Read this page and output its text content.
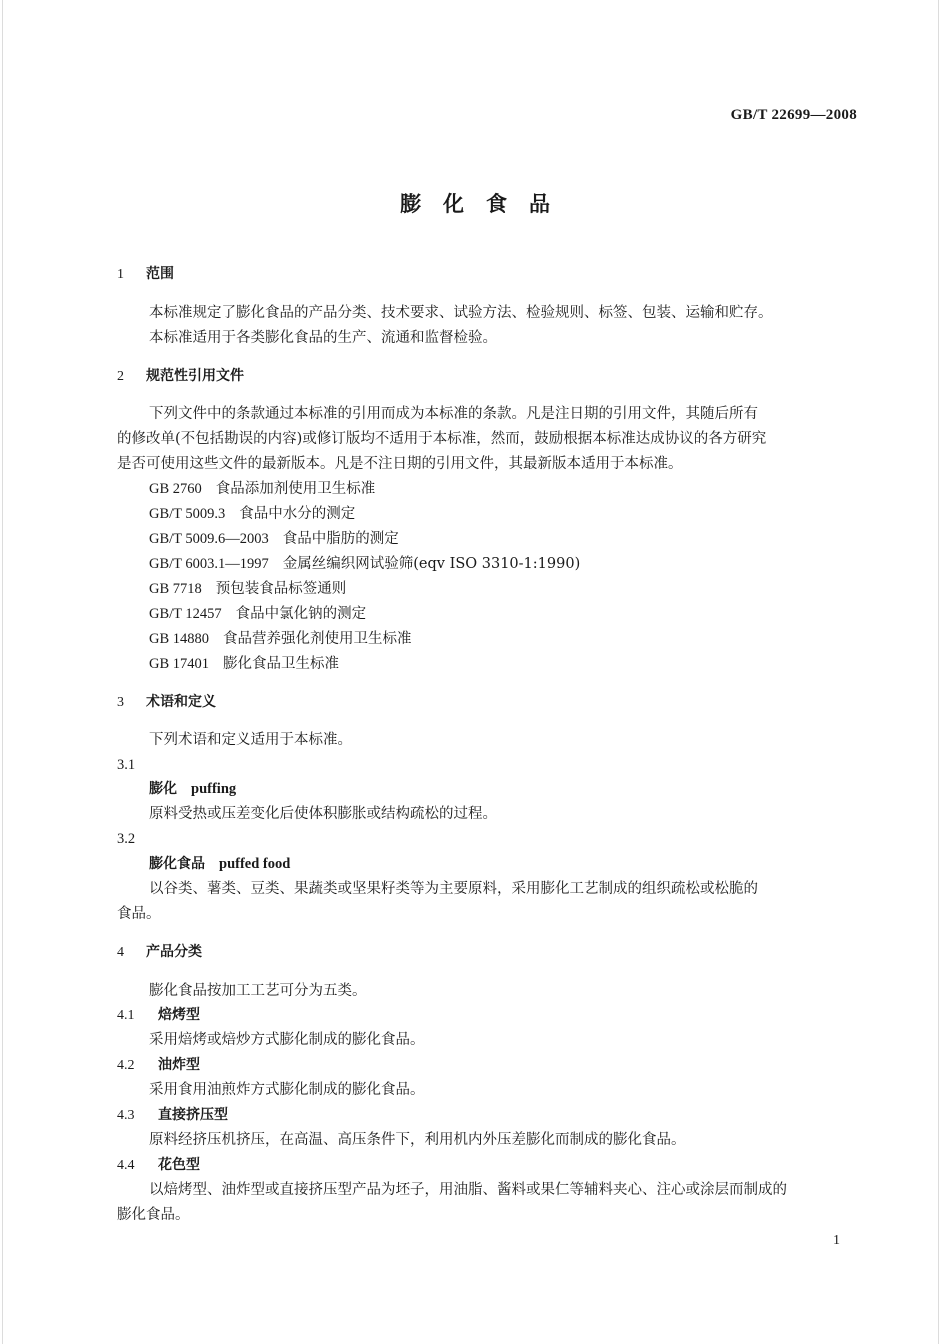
GB/T 22699—2008
膨化食品
1 范围
本标准规定了膨化食品的产品分类、技术要求、试验方法、检验规则、标签、包装、运输和贮存。
本标准适用于各类膨化食品的生产、流通和监督检验。
2 规范性引用文件
下列文件中的条款通过本标准的引用而成为本标准的条款。凡是注日期的引用文件，其随后所有
的修改单(不包括勘误的内容)或修订版均不适用于本标准，然而，鼓励根据本标准达成协议的各方研究
是否可使用这些文件的最新版本。凡是不注日期的引用文件，其最新版本适用于本标准。
GB 2760 食品添加剂使用卫生标准
GB/T 5009.3 食品中水分的测定
GB/T 5009.6—2003 食品中脂肪的测定
GB/T 6003.1—1997 金属丝编织网试验筛(eqv ISO 3310-1:1990)
GB 7718 预包装食品标签通则
GB/T 12457 食品中氯化钠的测定
GB 14880 食品营养强化剂使用卫生标准
GB 17401 膨化食品卫生标准
3 术语和定义
下列术语和定义适用于本标准。
3.1
膨化 puffing
原料受热或压差变化后使体积膨胀或结构疏松的过程。
3.2
膨化食品 puffed food
以谷类、薯类、豆类、果蔬类或坚果籽类等为主要原料，采用膨化工艺制成的组织疏松或松脆的
食品。
4 产品分类
膨化食品按加工工艺可分为五类。
4.1 焙烤型
采用焙烤或焙炒方式膨化制成的膨化食品。
4.2 油炸型
采用食用油煎炸方式膨化制成的膨化食品。
4.3 直接挤压型
原料经挤压机挤压，在高温、高压条件下，利用机内外压差膨化而制成的膨化食品。
4.4 花色型
以焙烤型、油炸型或直接挤压型产品为坯子，用油脂、酱料或果仁等辅料夹心、注心或涂层而制成的
膨化食品。
1
